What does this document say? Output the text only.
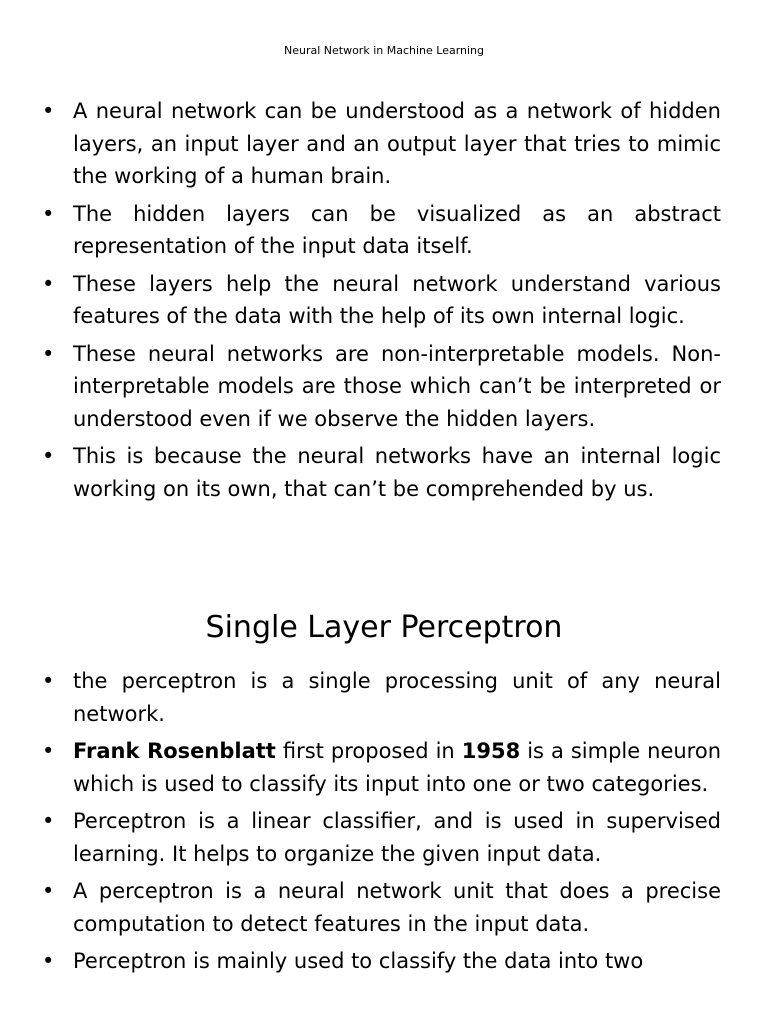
Neural Network in Machine Learning
• A neural network can be understood as a network of hidden layers, an input layer and an output layer that tries to mimic the working of a human brain.
• The hidden layers can be visualized as an abstract representation of the input data itself.
• These layers help the neural network understand various features of the data with the help of its own internal logic.
• These neural networks are non-interpretable models. Non-interpretable models are those which can’t be interpreted or understood even if we observe the hidden layers.
• This is because the neural networks have an internal logic working on its own, that can’t be comprehended by us.
Single Layer Perceptron
• the perceptron is a single processing unit of any neural network.
• Frank Rosenblatt first proposed in 1958 is a simple neuron which is used to classify its input into one or two categories.
• Perceptron is a linear classifier, and is used in supervised learning. It helps to organize the given input data.
• A perceptron is a neural network unit that does a precise computation to detect features in the input data.
• Perceptron is mainly used to classify the data into two
